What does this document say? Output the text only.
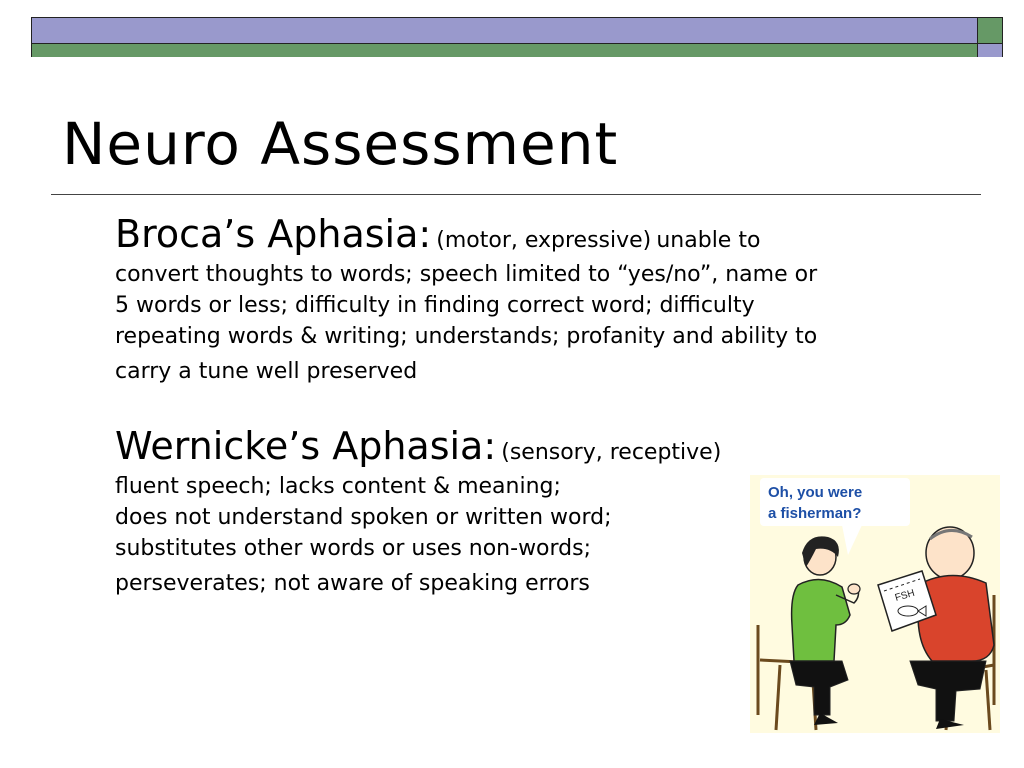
Neuro Assessment
Broca’s Aphasia: (motor, expressive) unable to
convert thoughts to words; speech limited to “yes/no”, name or
5 words or less; difficulty in finding correct word; difficulty
repeating words & writing; understands; profanity and ability to
carry a tune well preserved
Wernicke’s Aphasia: (sensory, receptive)
fluent speech; lacks content & meaning;
does not understand spoken or written word;
substitutes other words or uses non-words;
perseverates; not aware of speaking errors	FSH
Oh, you were
a fisherman?
